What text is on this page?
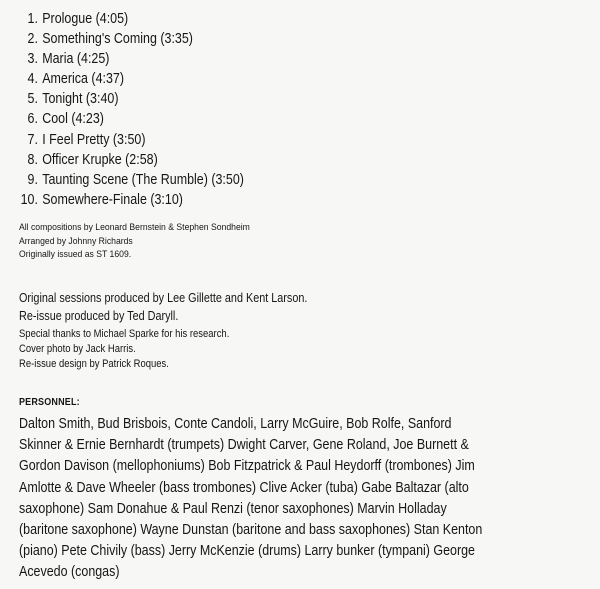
1. Prologue (4:05)
2. Something's Coming (3:35)
3. Maria (4:25)
4. America (4:37)
5. Tonight (3:40)
6. Cool (4:23)
7. I Feel Pretty (3:50)
8. Officer Krupke (2:58)
9. Taunting Scene (The Rumble) (3:50)
10. Somewhere-Finale (3:10)
All compositions by Leonard Bernstein & Stephen Sondheim
Arranged by Johnny Richards
Originally issued as ST 1609.
Original sessions produced by Lee Gillette and Kent Larson.
Re-issue produced by Ted Daryll.
Special thanks to Michael Sparke for his research.
Cover photo by Jack Harris.
Re-issue design by Patrick Roques.
PERSONNEL:
Dalton Smith, Bud Brisbois, Conte Candoli, Larry McGuire, Bob Rolfe, Sanford
Skinner & Ernie Bernhardt (trumpets) Dwight Carver, Gene Roland, Joe Burnett &
Gordon Davison (mellophoniums) Bob Fitzpatrick & Paul Heydorff (trombones) Jim
Amlotte & Dave Wheeler (bass trombones) Clive Acker (tuba) Gabe Baltazar (alto
saxophone) Sam Donahue & Paul Renzi (tenor saxophones) Marvin Holladay
(baritone saxophone) Wayne Dunstan (baritone and bass saxophones) Stan Kenton
(piano) Pete Chivily (bass) Jerry McKenzie (drums) Larry bunker (tympani) George
Acevedo (congas)
